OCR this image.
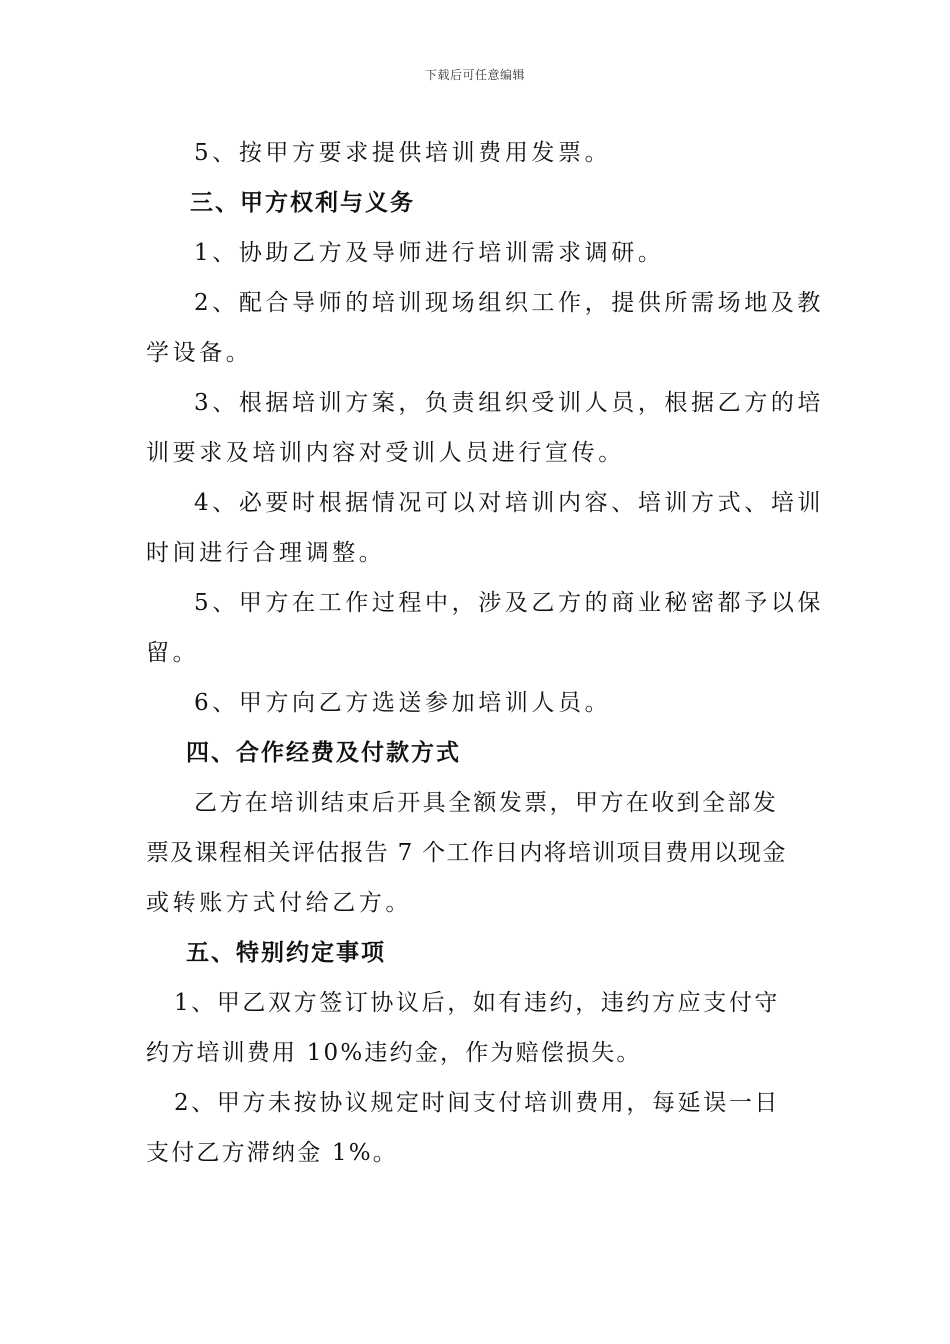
下载后可任意编辑
5、按甲方要求提供培训费用发票。
三、甲方权利与义务
1、协助乙方及导师进行培训需求调研。
2、配合导师的培训现场组织工作，提供所需场地及教
学设备。
3、根据培训方案，负责组织受训人员，根据乙方的培
训要求及培训内容对受训人员进行宣传。
4、必要时根据情况可以对培训内容、培训方式、培训
时间进行合理调整。
5、甲方在工作过程中，涉及乙方的商业秘密都予以保
留。
6、甲方向乙方选送参加培训人员。
四、合作经费及付款方式
乙方在培训结束后开具全额发票，甲方在收到全部发
票及课程相关评估报告 7 个工作日内将培训项目费用以现金
或转账方式付给乙方。
五、特别约定事项
1、甲乙双方签订协议后，如有违约，违约方应支付守
约方培训费用 10%违约金，作为赔偿损失。
2、甲方未按协议规定时间支付培训费用，每延误一日
支付乙方滞纳金 1%。
